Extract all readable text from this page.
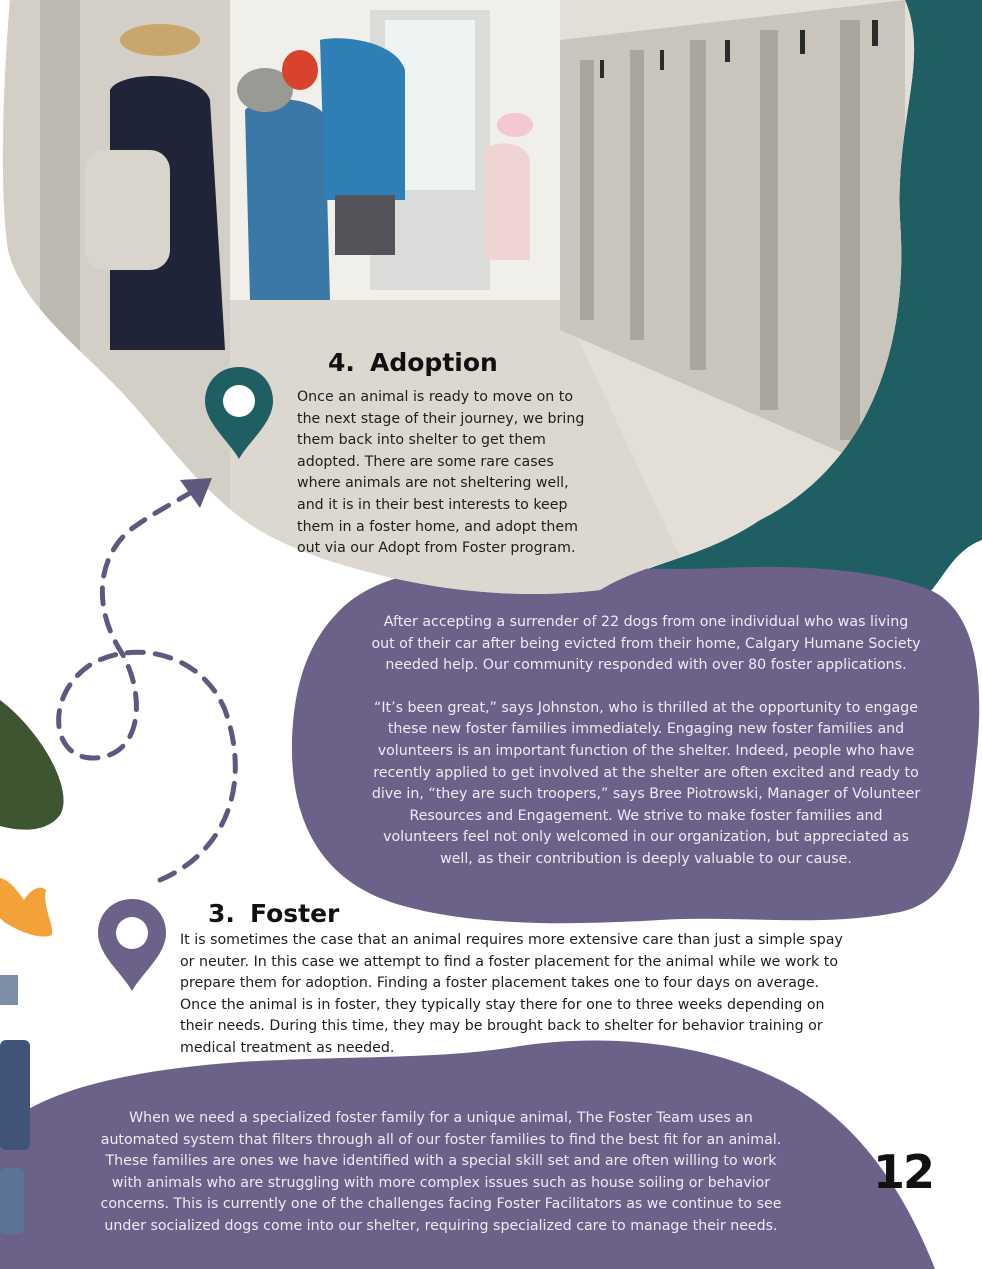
4. Adoption

Once an animal is ready to move on to the next stage of their journey, we bring them back into shelter to get them adopted. There are some rare cases where animals are not sheltering well, and it is in their best interests to keep them in a foster home, and adopt them out via our Adopt from Foster program.

After accepting a surrender of 22 dogs from one individual who was living out of their car after being evicted from their home, Calgary Humane Society needed help. Our community responded with over 80 foster applications.

“It’s been great,” says Johnston, who is thrilled at the opportunity to engage these new foster families immediately. Engaging new foster families and volunteers is an important function of the shelter. Indeed, people who have recently applied to get involved at the shelter are often excited and ready to dive in, “they are such troopers,” says Bree Piotrowski, Manager of Volunteer Resources and Engagement. We strive to make foster families and volunteers feel not only welcomed in our organization, but appreciated as well, as their contribution is deeply valuable to our cause.

3. Foster

It is sometimes the case that an animal requires more extensive care than just a simple spay or neuter. In this case we attempt to find a foster placement for the animal while we work to prepare them for adoption. Finding a foster placement takes one to four days on average. Once the animal is in foster, they typically stay there for one to three weeks depending on their needs. During this time, they may be brought back to shelter for behavior training or medical treatment as needed.

When we need a specialized foster family for a unique animal, The Foster Team uses an automated system that filters through all of our foster families to find the best fit for an animal. These families are ones we have identified with a special skill set and are often willing to work with animals who are struggling with more complex issues such as house soiling or behavior concerns. This is currently one of the challenges facing Foster Facilitators as we continue to see under socialized dogs come into our shelter, requiring specialized care to manage their needs.

12
